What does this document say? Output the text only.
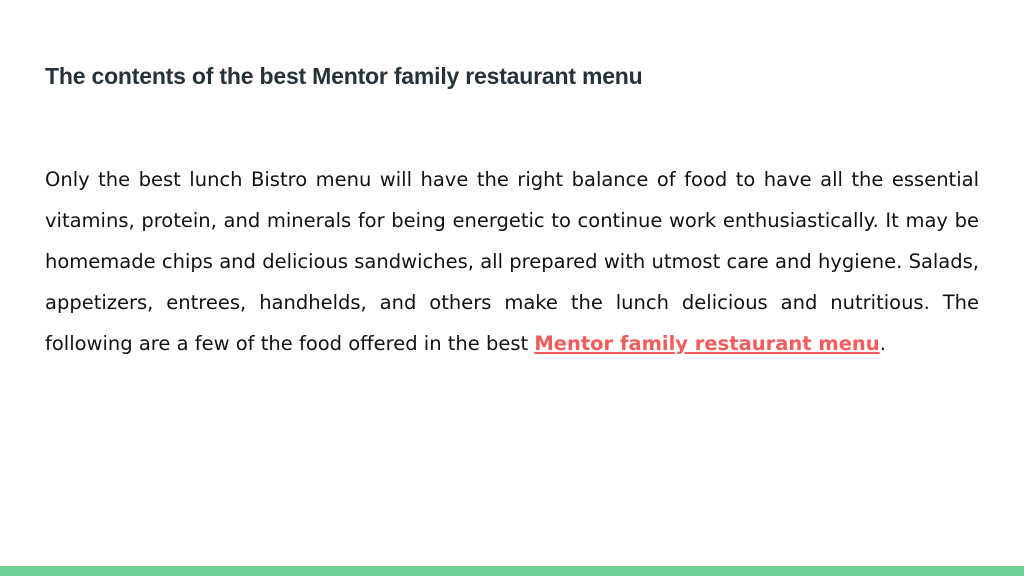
The contents of the best Mentor family restaurant menu

Only the best lunch Bistro menu will have the right balance of food to have all the essential vitamins, protein, and minerals for being energetic to continue work enthusiastically. It may be homemade chips and delicious sandwiches, all prepared with utmost care and hygiene. Salads, appetizers, entrees, handhelds, and others make the lunch delicious and nutritious. The following are a few of the food offered in the best Mentor family restaurant menu.
